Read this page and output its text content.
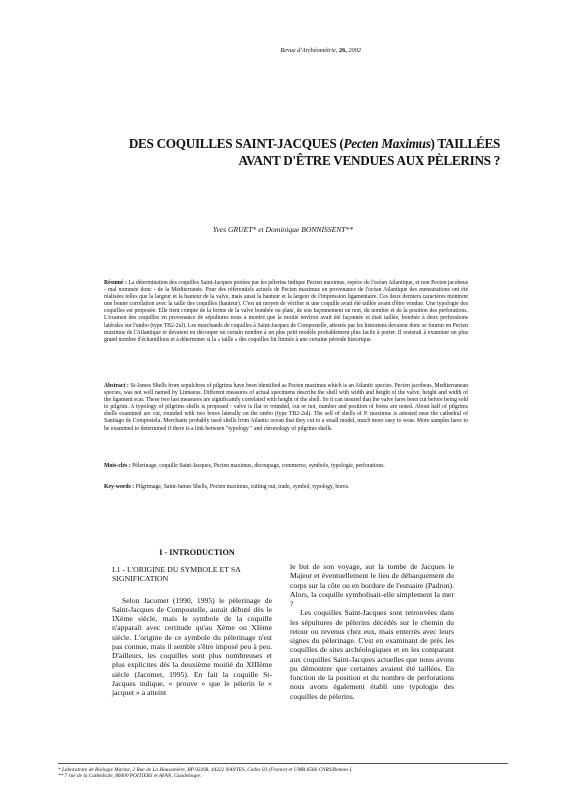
Revue d'Archéométrie, 26, 2002
DES COQUILLES SAINT-JACQUES (Pecten Maximus) TAILLÉES
AVANT D'ÊTRE VENDUES AUX PÈLERINS ?
Yves GRUET* et Dominique BONNISSENT**
Résumé : La détermination des coquilles Saint-Jacques portées par les pèlerins indique Pecten maximus, espèce de l'océan Atlantique, et non Pecten jacobeus - mal nommée donc - de la Méditerranée. Pour des référentiels actuels de Pecten maximus en provenance de l'océan Atlantique des mensurations ont été réalisées telles que la largeur et la hauteur de la valve, mais aussi la hauteur et la largeur de l'impression ligamentaire. Ces deux derniers caractères montrent une bonne corrélation avec la taille des coquilles (hauteur). C'est un moyen de vérifier si une coquille avait été taillée avant d'être vendue. Une typologie des coquilles est proposée. Elle tient compte de la forme de la valve bombée ou plate, de son façonnement ou non, du nombre et de la position des perforations. L'examen des coquilles en provenance de sépultures nous a montré que la moitié environ avait été façonnée et était taillée, bombée à deux perforations latérales sur l'umbo (type TB2-2ul). Les marchands de coquilles à Saint-Jacques de Compostelle, attestés par les historiens devaient donc se fournir en Pecten maximus de l'Atlantique et devaient en découper un certain nombre à un plus petit modèle probablement plus facile à porter. Il resterait à examiner un plus grand nombre d'échantillons et à déterminer si la « taille » des coquilles fut limitée à une certaine période historique.
Abstract : St-James Shells from sepulchres of pilgrims have been identified as Pecten maximus which is an Atlantic species. Pecten jacobeus, Mediterranean species, was not well named by Linnaeus. Different measures of actual specimens describe the shell with width and height of the valve, height and width of the ligament scar. These two last measures are significantly correlated with height of the shell. So it can insured that the valve have been cut before being sold to pilgrim. A typology of pilgrims shells is proposed : valve is flat or rounded, cut or not, number and position of bores are noted. About half of pilgrims shells examined are cut, rounded with two bores laterally on the umbo (type TB2-2ul). The sell of shells of P. maximus is attested near the cathedral of Santiago de Compostela. Merchants probably used shells from Atlantic ocean that they cut to a small model, much more easy to wear. More samples have to be examined to determined if there is a link between "typology " and chronology of pilgrims shells.
Mots-clés : Pèlerinage, coquille Saint-Jacques, Pecten maximus, découpage, commerce, symbole, typologie, perforations.
Key-words : Pilgrimage, Saint-James Shells, Pecten maximus, cutting out, trade, symbol, typology, bores.
I - INTRODUCTION
I.1 - L'ORIGINE DU SYMBOLE ET SA SIGNIFICATION

Selon Jacomet (1990, 1995) le pèlerinage de Saint-Jacques de Compostelle, aurait débuté dès le IXème siècle, mais le symbole de la coquille n'apparaît avec certitude qu'au Xème ou XIème siècle. L'origine de ce symbole du pèlerinage n'est pas connue, mais il semble s'être imposé peu à peu. D'ailleurs, les coquilles sont plus nombreuses et plus explicites dès la deuxième moitié du XIIIème siècle (Jacomet, 1995). En fait la coquille St-Jacques indique, « prouve » que le pèlerin le « jacquet » a atteint

le but de son voyage, sur la tombe de Jacques le Majeur et éventuellement le lieu de débarquement du corps sur la côte ou en bordure de l'estuaire (Padron). Alors, la coquille symbolisait-elle simplement la mer ?

Les coquilles Saint-Jacques sont retrouvées dans les sépultures de pèlerins décédés sur le chemin du retour ou revenus chez eux, mais enterrés avec leurs signes du pèlerinage. C'est en examinant de près les coquilles de sites archéologiques et en les comparant aux coquilles Saint-Jacques actuelles que nous avons pu démontrer que certaines avaient été taillées. En fonction de la position et du nombre de perforations nous avons également établi une typologie des coquilles de pèlerins.

* Laboratoire de Biologie Marine, 2 Rue de La Houssinière, BP 92208, 44322 NANTES, Cedex 03 (France) et UMR 6566 CNRS/Rennes I.
** 7 rue de la Cathédrale, 86000 POITIERS et AFAN, Guadeloupe.
